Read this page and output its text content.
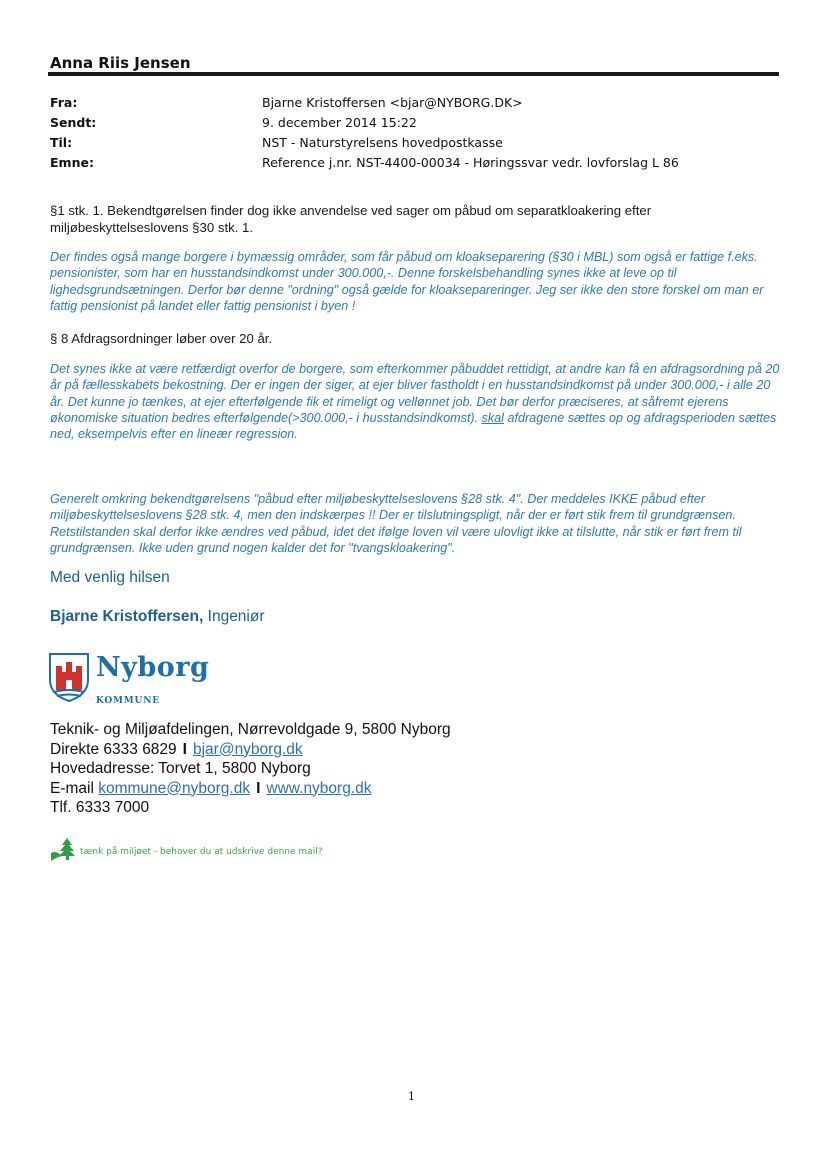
Anna Riis Jensen
Fra:	Bjarne Kristoffersen <bjar@NYBORG.DK>
Sendt:	9. december 2014 15:22
Til:	NST - Naturstyrelsens hovedpostkasse
Emne:	Reference j.nr. NST-4400-00034 - Høringssvar vedr. lovforslag L 86
§1 stk. 1. Bekendtgørelsen finder dog ikke anvendelse ved sager om påbud om separatkloakering efter miljøbeskyttelseslovens §30 stk. 1.
Der findes også mange borgere i bymæssig områder, som får påbud om kloakseparering (§30 i MBL) som også er fattige f.eks. pensionister, som har en husstandsindkomst under 300.000,-. Denne forskelsbehandling synes ikke at leve op til lighedsgrundsætningen. Derfor bør denne "ordning" også gælde for kloaksepareringer. Jeg ser ikke den store forskel om man er fattig pensionist på landet eller fattig pensionist i byen !
§ 8 Afdragsordninger løber over 20 år.
Det synes ikke at være retfærdigt overfor de borgere, som efterkommer påbuddet rettidigt, at andre kan få en afdragsordning på 20 år på fællesskabets bekostning. Der er ingen der siger, at ejer bliver fastholdt i en husstandsindkomst på under 300.000,- i alle 20 år. Det kunne jo tænkes, at ejer efterfølgende fik et rimeligt og vellønnet job. Det bør derfor præciseres, at såfremt ejerens økonomiske situation bedres efterfølgende(>300.000,- i husstandsindkomst). skal afdragene sættes op og afdragsperioden sættes ned, eksempelvis efter en lineær regression.
Generelt omkring bekendtgørelsens "påbud efter miljøbeskyttelseslovens §28 stk. 4". Der meddeles IKKE påbud efter miljøbeskyttelseslovens §28 stk. 4, men den indskærpes !! Der er tilslutningspligt, når der er ført stik frem til grundgrænsen. Retstilstanden skal derfor ikke ændres ved påbud, idet det ifølge loven vil være ulovligt ikke at tilslutte, når stik er ført frem til grundgrænsen. Ikke uden grund nogen kalder det for "tvangskloakering".
Med venlig hilsen
Bjarne Kristoffersen, Ingeniør
Nyborg
KOMMUNE
Teknik- og Miljøafdelingen, Nørrevoldgade 9, 5800 Nyborg
Direkte 6333 6829 I bjar@nyborg.dk
Hovedadresse: Torvet 1, 5800 Nyborg
E-mail kommune@nyborg.dk I www.nyborg.dk
Tlf. 6333 7000
tænk på miljøet - behover du at udskrive denne mail?
1
